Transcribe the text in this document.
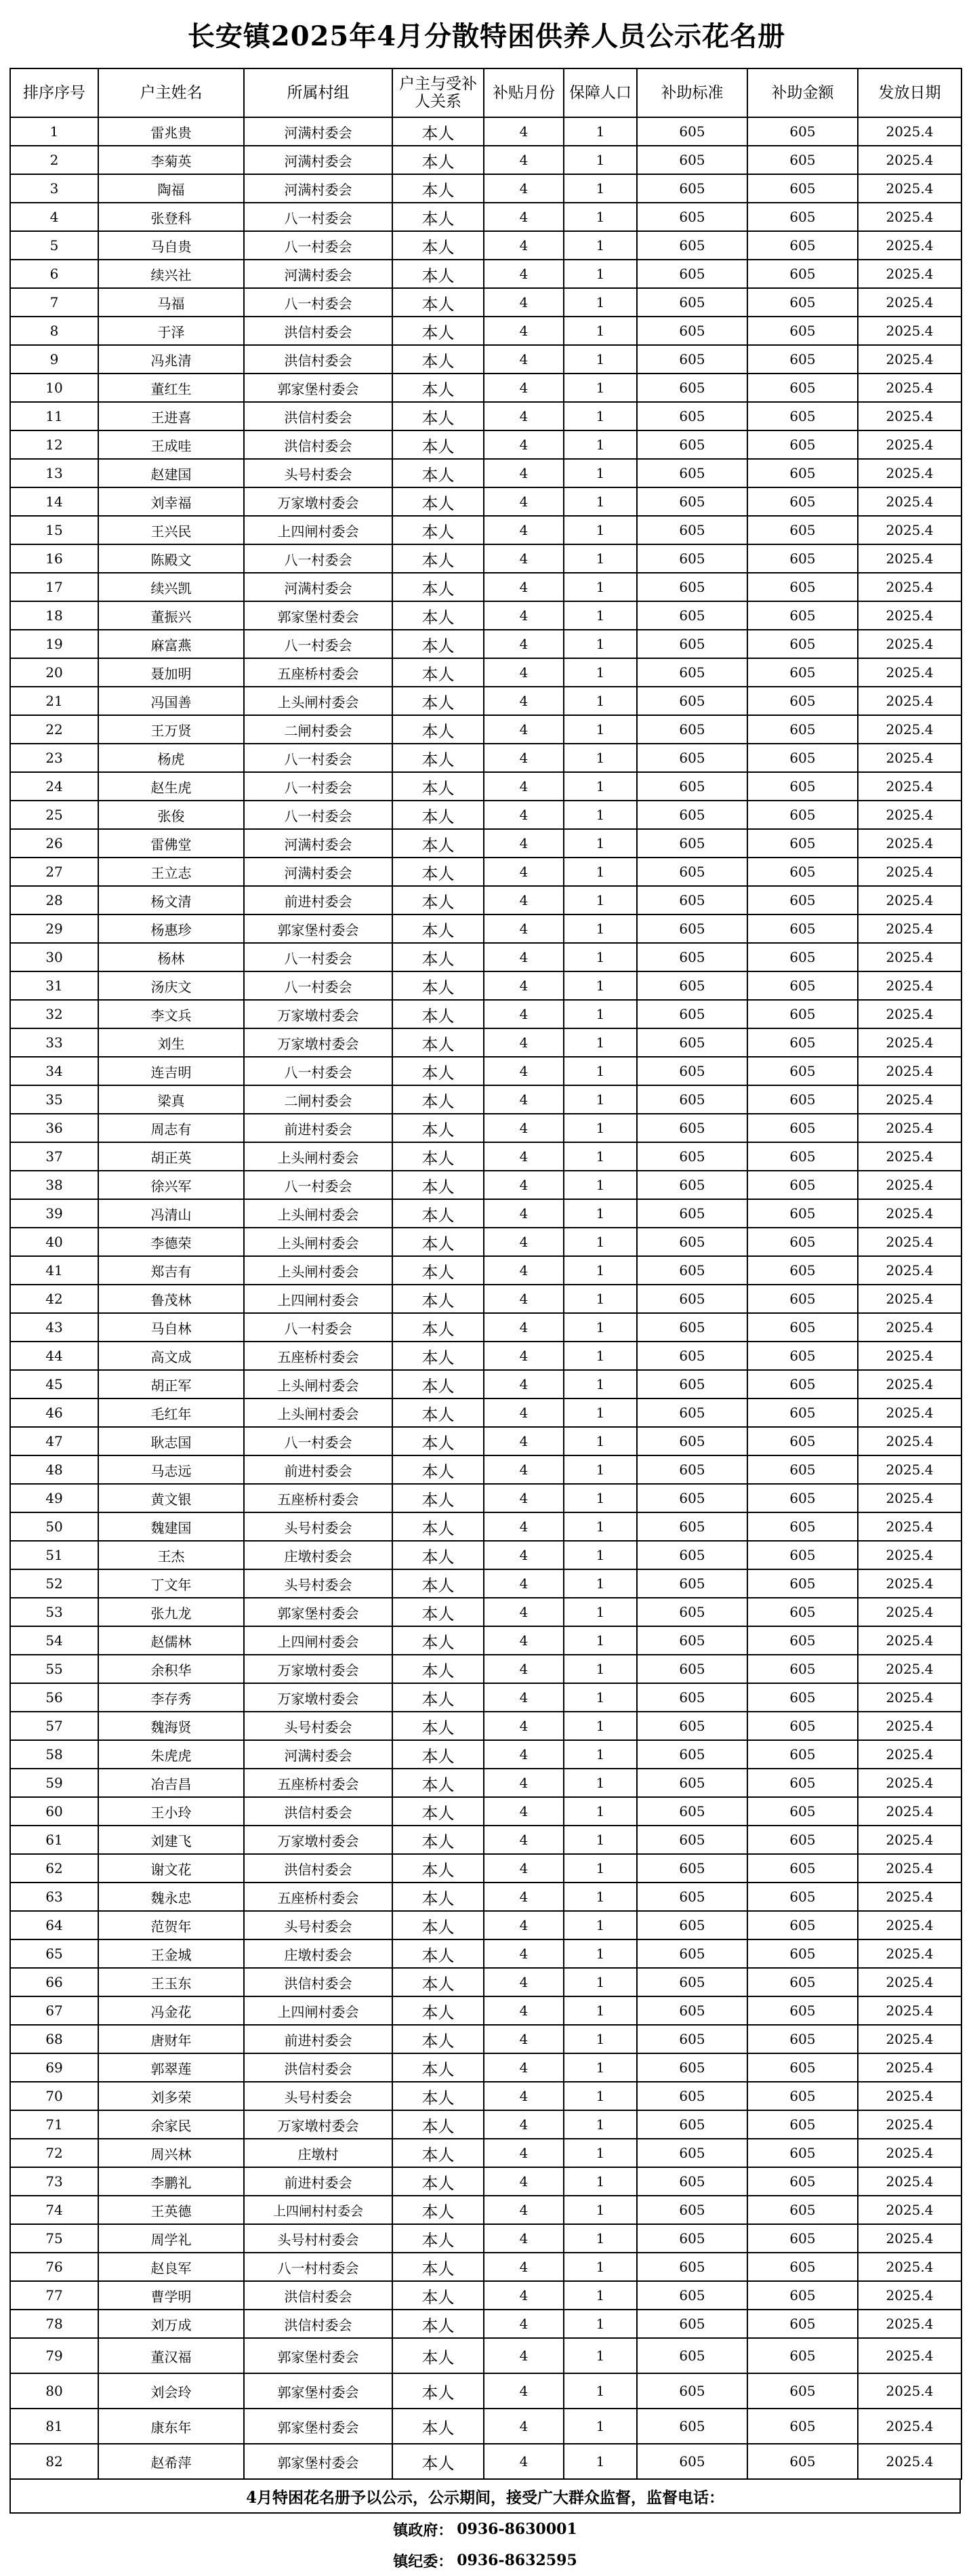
长安镇2025年4月分散特困供养人员公示花名册
排序序号	户主姓名	所属村组	户主与受补人关系	补贴月份	保障人口	补助标准	补助金额	发放日期
1	雷兆贵	河满村委会	本人	4	1	605	605	2025.4
2	李菊英	河满村委会	本人	4	1	605	605	2025.4
3	陶福	河满村委会	本人	4	1	605	605	2025.4
4	张登科	八一村委会	本人	4	1	605	605	2025.4
5	马自贵	八一村委会	本人	4	1	605	605	2025.4
6	续兴社	河满村委会	本人	4	1	605	605	2025.4
7	马福	八一村委会	本人	4	1	605	605	2025.4
8	于泽	洪信村委会	本人	4	1	605	605	2025.4
9	冯兆清	洪信村委会	本人	4	1	605	605	2025.4
10	董红生	郭家堡村委会	本人	4	1	605	605	2025.4
11	王进喜	洪信村委会	本人	4	1	605	605	2025.4
12	王成哇	洪信村委会	本人	4	1	605	605	2025.4
13	赵建国	头号村委会	本人	4	1	605	605	2025.4
14	刘幸福	万家墩村委会	本人	4	1	605	605	2025.4
15	王兴民	上四闸村委会	本人	4	1	605	605	2025.4
16	陈殿文	八一村委会	本人	4	1	605	605	2025.4
17	续兴凯	河满村委会	本人	4	1	605	605	2025.4
18	董振兴	郭家堡村委会	本人	4	1	605	605	2025.4
19	麻富燕	八一村委会	本人	4	1	605	605	2025.4
20	聂加明	五座桥村委会	本人	4	1	605	605	2025.4
21	冯国善	上头闸村委会	本人	4	1	605	605	2025.4
22	王万贤	二闸村委会	本人	4	1	605	605	2025.4
23	杨虎	八一村委会	本人	4	1	605	605	2025.4
24	赵生虎	八一村委会	本人	4	1	605	605	2025.4
25	张俊	八一村委会	本人	4	1	605	605	2025.4
26	雷佛堂	河满村委会	本人	4	1	605	605	2025.4
27	王立志	河满村委会	本人	4	1	605	605	2025.4
28	杨文清	前进村委会	本人	4	1	605	605	2025.4
29	杨惠珍	郭家堡村委会	本人	4	1	605	605	2025.4
30	杨林	八一村委会	本人	4	1	605	605	2025.4
31	汤庆文	八一村委会	本人	4	1	605	605	2025.4
32	李文兵	万家墩村委会	本人	4	1	605	605	2025.4
33	刘生	万家墩村委会	本人	4	1	605	605	2025.4
34	连吉明	八一村委会	本人	4	1	605	605	2025.4
35	梁真	二闸村委会	本人	4	1	605	605	2025.4
36	周志有	前进村委会	本人	4	1	605	605	2025.4
37	胡正英	上头闸村委会	本人	4	1	605	605	2025.4
38	徐兴军	八一村委会	本人	4	1	605	605	2025.4
39	冯清山	上头闸村委会	本人	4	1	605	605	2025.4
40	李德荣	上头闸村委会	本人	4	1	605	605	2025.4
41	郑吉有	上头闸村委会	本人	4	1	605	605	2025.4
42	鲁茂林	上四闸村委会	本人	4	1	605	605	2025.4
43	马自林	八一村委会	本人	4	1	605	605	2025.4
44	高文成	五座桥村委会	本人	4	1	605	605	2025.4
45	胡正军	上头闸村委会	本人	4	1	605	605	2025.4
46	毛红年	上头闸村委会	本人	4	1	605	605	2025.4
47	耿志国	八一村委会	本人	4	1	605	605	2025.4
48	马志远	前进村委会	本人	4	1	605	605	2025.4
49	黄文银	五座桥村委会	本人	4	1	605	605	2025.4
50	魏建国	头号村委会	本人	4	1	605	605	2025.4
51	王杰	庄墩村委会	本人	4	1	605	605	2025.4
52	丁文年	头号村委会	本人	4	1	605	605	2025.4
53	张九龙	郭家堡村委会	本人	4	1	605	605	2025.4
54	赵儒林	上四闸村委会	本人	4	1	605	605	2025.4
55	余积华	万家墩村委会	本人	4	1	605	605	2025.4
56	李存秀	万家墩村委会	本人	4	1	605	605	2025.4
57	魏海贤	头号村委会	本人	4	1	605	605	2025.4
58	朱虎虎	河满村委会	本人	4	1	605	605	2025.4
59	冶吉昌	五座桥村委会	本人	4	1	605	605	2025.4
60	王小玲	洪信村委会	本人	4	1	605	605	2025.4
61	刘建飞	万家墩村委会	本人	4	1	605	605	2025.4
62	谢文花	洪信村委会	本人	4	1	605	605	2025.4
63	魏永忠	五座桥村委会	本人	4	1	605	605	2025.4
64	范贺年	头号村委会	本人	4	1	605	605	2025.4
65	王金城	庄墩村委会	本人	4	1	605	605	2025.4
66	王玉东	洪信村委会	本人	4	1	605	605	2025.4
67	冯金花	上四闸村委会	本人	4	1	605	605	2025.4
68	唐财年	前进村委会	本人	4	1	605	605	2025.4
69	郭翠莲	洪信村委会	本人	4	1	605	605	2025.4
70	刘多荣	头号村委会	本人	4	1	605	605	2025.4
71	余家民	万家墩村委会	本人	4	1	605	605	2025.4
72	周兴林	庄墩村	本人	4	1	605	605	2025.4
73	李鹏礼	前进村委会	本人	4	1	605	605	2025.4
74	王英德	上四闸村村委会	本人	4	1	605	605	2025.4
75	周学礼	头号村村委会	本人	4	1	605	605	2025.4
76	赵良军	八一村村委会	本人	4	1	605	605	2025.4
77	曹学明	洪信村委会	本人	4	1	605	605	2025.4
78	刘万成	洪信村委会	本人	4	1	605	605	2025.4
79	董汉福	郭家堡村委会	本人	4	1	605	605	2025.4
80	刘会玲	郭家堡村委会	本人	4	1	605	605	2025.4
81	康东年	郭家堡村委会	本人	4	1	605	605	2025.4
82	赵希萍	郭家堡村委会	本人	4	1	605	605	2025.4
4月特困花名册予以公示，公示期间，接受广大群众监督，监督电话：
镇政府： 0936-8630001
镇纪委： 0936-8632595
